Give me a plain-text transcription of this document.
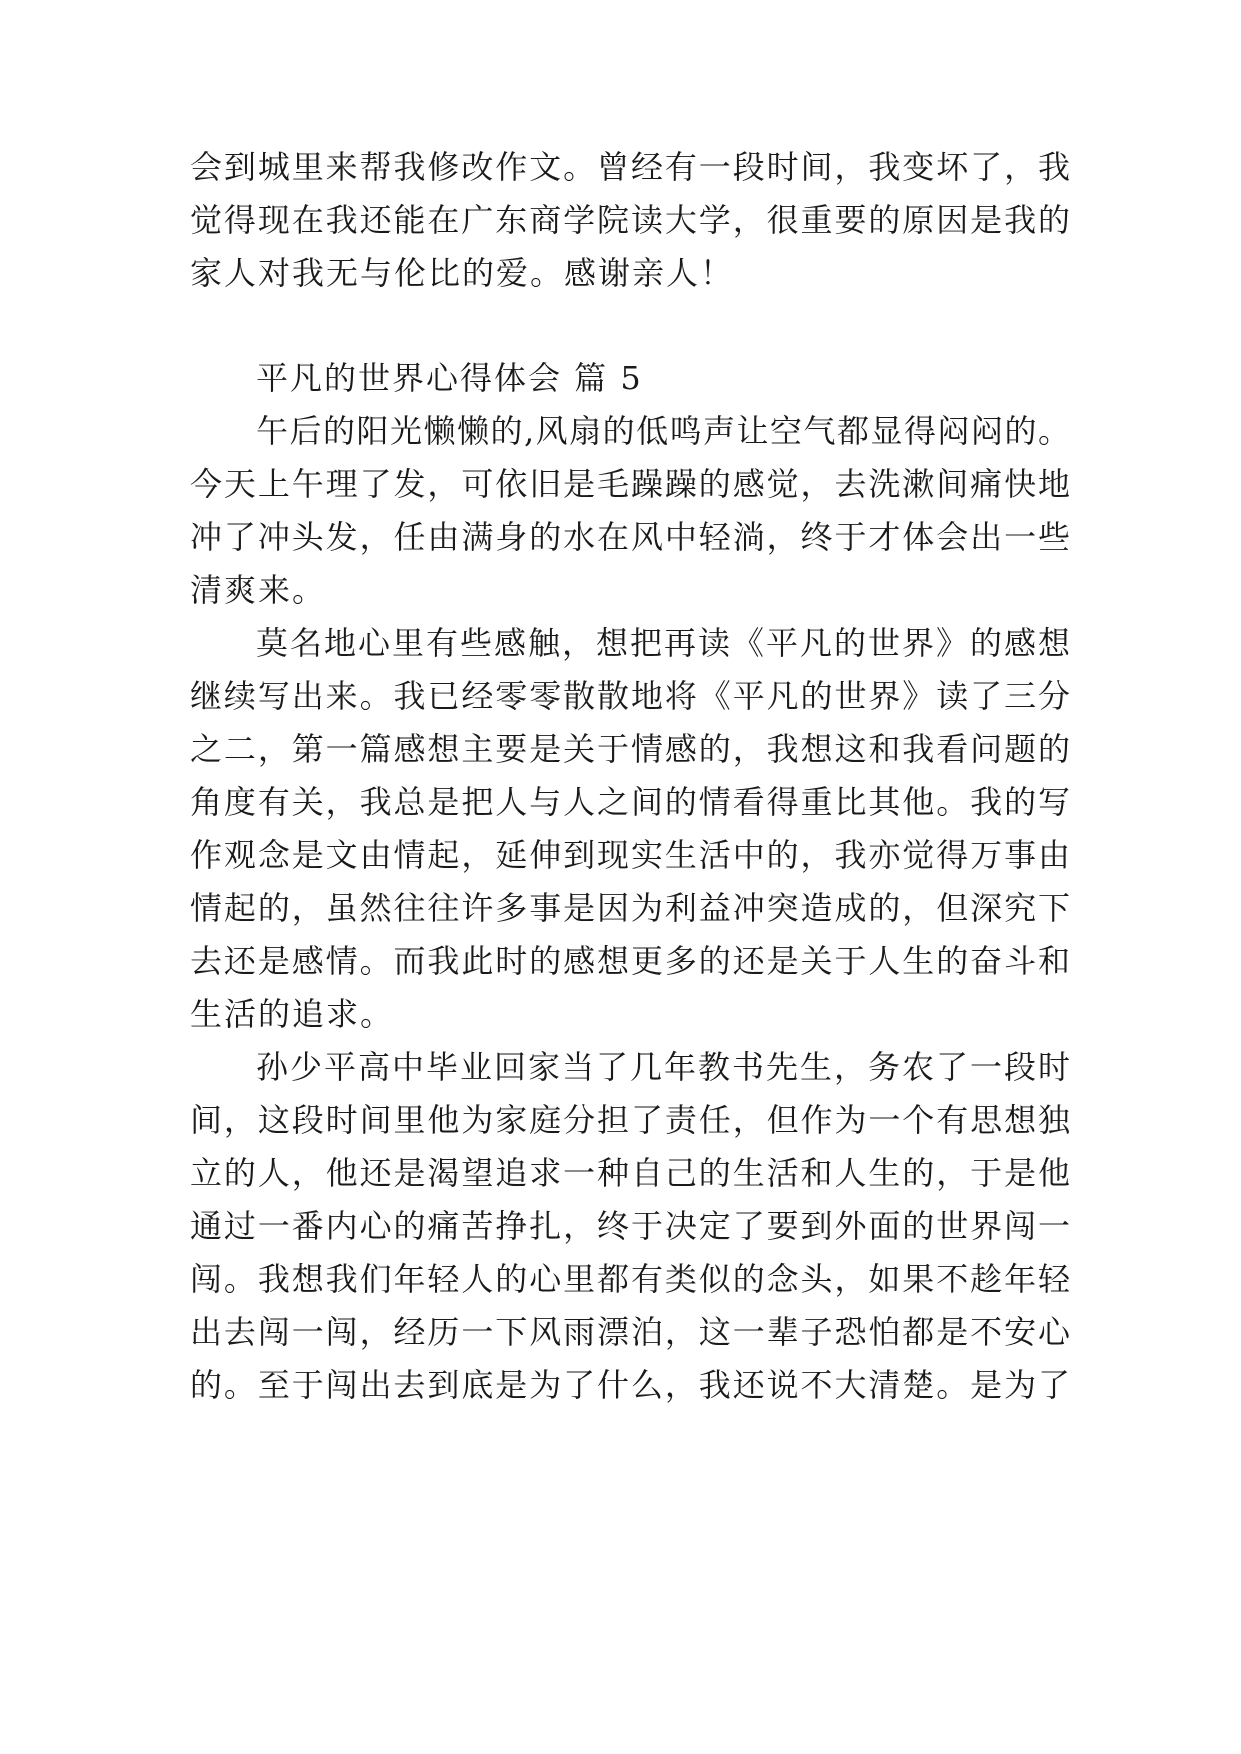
会到城里来帮我修改作文。曾经有一段时间，我变坏了，我
觉得现在我还能在广东商学院读大学，很重要的原因是我的
家人对我无与伦比的爱。感谢亲人！
平凡的世界心得体会 篇 5
午后的阳光懒懒的,风扇的低鸣声让空气都显得闷闷的。
今天上午理了发，可依旧是毛躁躁的感觉，去洗漱间痛快地
冲了冲头发，任由满身的水在风中轻淌，终于才体会出一些
清爽来。
莫名地心里有些感触，想把再读《平凡的世界》的感想
继续写出来。我已经零零散散地将《平凡的世界》读了三分
之二，第一篇感想主要是关于情感的，我想这和我看问题的
角度有关，我总是把人与人之间的情看得重比其他。我的写
作观念是文由情起，延伸到现实生活中的，我亦觉得万事由
情起的，虽然往往许多事是因为利益冲突造成的，但深究下
去还是感情。而我此时的感想更多的还是关于人生的奋斗和
生活的追求。
孙少平高中毕业回家当了几年教书先生，务农了一段时
间，这段时间里他为家庭分担了责任，但作为一个有思想独
立的人，他还是渴望追求一种自己的生活和人生的，于是他
通过一番内心的痛苦挣扎，终于决定了要到外面的世界闯一
闯。我想我们年轻人的心里都有类似的念头，如果不趁年轻
出去闯一闯，经历一下风雨漂泊，这一辈子恐怕都是不安心
的。至于闯出去到底是为了什么，我还说不大清楚。是为了
